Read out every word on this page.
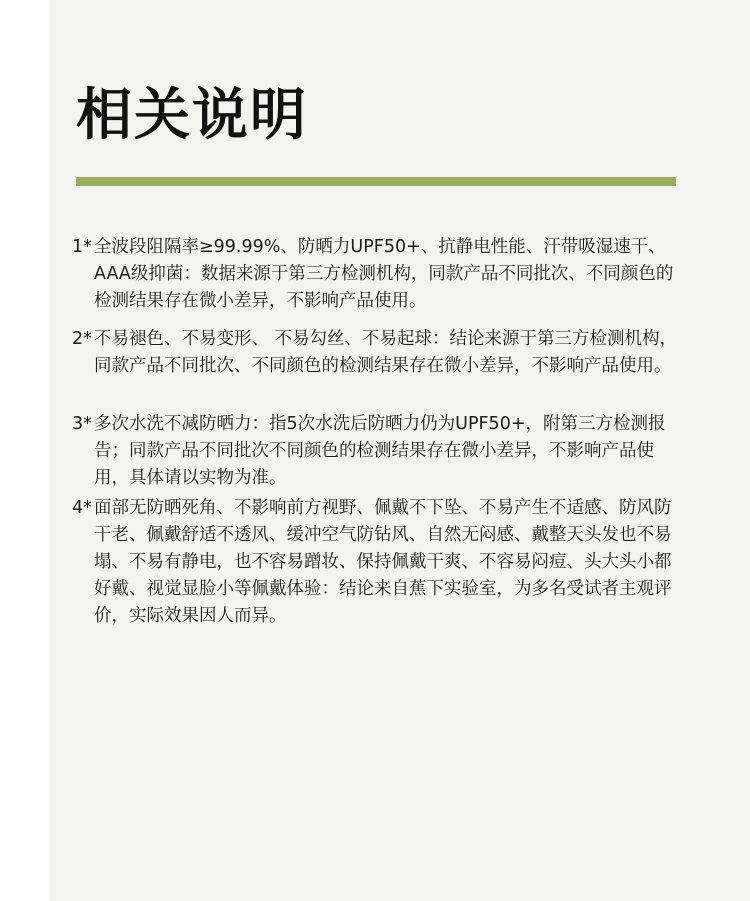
相关说明
1* 全波段阻隔率≥99.99%、防晒力UPF50+、抗静电性能、汗带吸湿速干、AAA级抑菌：数据来源于第三方检测机构，同款产品不同批次、不同颜色的检测结果存在微小差异，不影响产品使用。
2* 不易褪色、不易变形、 不易勾丝、不易起球：结论来源于第三方检测机构，同款产品不同批次、不同颜色的检测结果存在微小差异，不影响产品使用。
3* 多次水洗不减防晒力：指5次水洗后防晒力仍为UPF50+，附第三方检测报告；同款产品不同批次不同颜色的检测结果存在微小差异，不影响产品使用，具体请以实物为准。
4* 面部无防晒死角、不影响前方视野、佩戴不下坠、不易产生不适感、防风防干老、佩戴舒适不透风、缓冲空气防钻风、自然无闷感、戴整天头发也不易塌、不易有静电，也不容易蹭妆、保持佩戴干爽、不容易闷痘、头大头小都好戴、视觉显脸小等佩戴体验：结论来自蕉下实验室，为多名受试者主观评价，实际效果因人而异。
